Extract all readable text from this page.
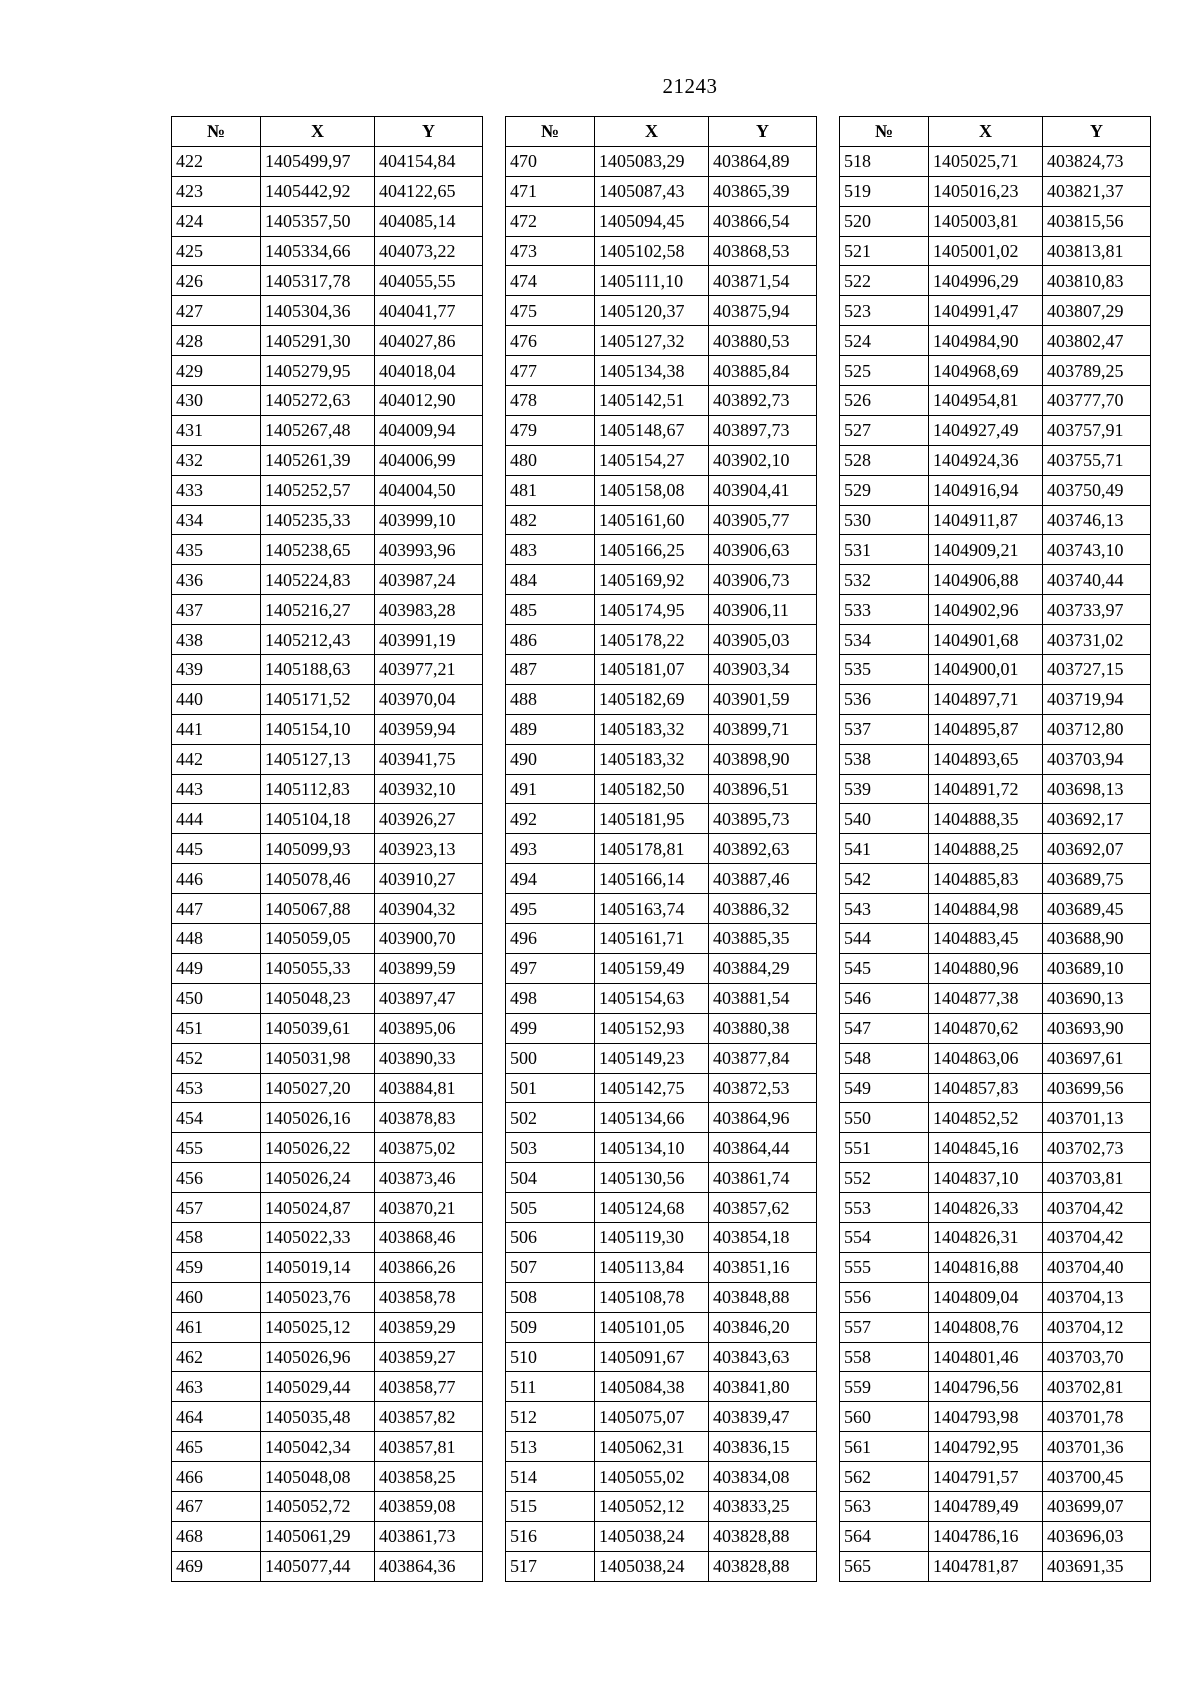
21243
№	X	Y
422	1405499,97	404154,84
423	1405442,92	404122,65
424	1405357,50	404085,14
425	1405334,66	404073,22
426	1405317,78	404055,55
427	1405304,36	404041,77
428	1405291,30	404027,86
429	1405279,95	404018,04
430	1405272,63	404012,90
431	1405267,48	404009,94
432	1405261,39	404006,99
433	1405252,57	404004,50
434	1405235,33	403999,10
435	1405238,65	403993,96
436	1405224,83	403987,24
437	1405216,27	403983,28
438	1405212,43	403991,19
439	1405188,63	403977,21
440	1405171,52	403970,04
441	1405154,10	403959,94
442	1405127,13	403941,75
443	1405112,83	403932,10
444	1405104,18	403926,27
445	1405099,93	403923,13
446	1405078,46	403910,27
447	1405067,88	403904,32
448	1405059,05	403900,70
449	1405055,33	403899,59
450	1405048,23	403897,47
451	1405039,61	403895,06
452	1405031,98	403890,33
453	1405027,20	403884,81
454	1405026,16	403878,83
455	1405026,22	403875,02
456	1405026,24	403873,46
457	1405024,87	403870,21
458	1405022,33	403868,46
459	1405019,14	403866,26
460	1405023,76	403858,78
461	1405025,12	403859,29
462	1405026,96	403859,27
463	1405029,44	403858,77
464	1405035,48	403857,82
465	1405042,34	403857,81
466	1405048,08	403858,25
467	1405052,72	403859,08
468	1405061,29	403861,73
469	1405077,44	403864,36
№	X	Y
470	1405083,29	403864,89
471	1405087,43	403865,39
472	1405094,45	403866,54
473	1405102,58	403868,53
474	1405111,10	403871,54
475	1405120,37	403875,94
476	1405127,32	403880,53
477	1405134,38	403885,84
478	1405142,51	403892,73
479	1405148,67	403897,73
480	1405154,27	403902,10
481	1405158,08	403904,41
482	1405161,60	403905,77
483	1405166,25	403906,63
484	1405169,92	403906,73
485	1405174,95	403906,11
486	1405178,22	403905,03
487	1405181,07	403903,34
488	1405182,69	403901,59
489	1405183,32	403899,71
490	1405183,32	403898,90
491	1405182,50	403896,51
492	1405181,95	403895,73
493	1405178,81	403892,63
494	1405166,14	403887,46
495	1405163,74	403886,32
496	1405161,71	403885,35
497	1405159,49	403884,29
498	1405154,63	403881,54
499	1405152,93	403880,38
500	1405149,23	403877,84
501	1405142,75	403872,53
502	1405134,66	403864,96
503	1405134,10	403864,44
504	1405130,56	403861,74
505	1405124,68	403857,62
506	1405119,30	403854,18
507	1405113,84	403851,16
508	1405108,78	403848,88
509	1405101,05	403846,20
510	1405091,67	403843,63
511	1405084,38	403841,80
512	1405075,07	403839,47
513	1405062,31	403836,15
514	1405055,02	403834,08
515	1405052,12	403833,25
516	1405038,24	403828,88
517	1405038,24	403828,88
№	X	Y
518	1405025,71	403824,73
519	1405016,23	403821,37
520	1405003,81	403815,56
521	1405001,02	403813,81
522	1404996,29	403810,83
523	1404991,47	403807,29
524	1404984,90	403802,47
525	1404968,69	403789,25
526	1404954,81	403777,70
527	1404927,49	403757,91
528	1404924,36	403755,71
529	1404916,94	403750,49
530	1404911,87	403746,13
531	1404909,21	403743,10
532	1404906,88	403740,44
533	1404902,96	403733,97
534	1404901,68	403731,02
535	1404900,01	403727,15
536	1404897,71	403719,94
537	1404895,87	403712,80
538	1404893,65	403703,94
539	1404891,72	403698,13
540	1404888,35	403692,17
541	1404888,25	403692,07
542	1404885,83	403689,75
543	1404884,98	403689,45
544	1404883,45	403688,90
545	1404880,96	403689,10
546	1404877,38	403690,13
547	1404870,62	403693,90
548	1404863,06	403697,61
549	1404857,83	403699,56
550	1404852,52	403701,13
551	1404845,16	403702,73
552	1404837,10	403703,81
553	1404826,33	403704,42
554	1404826,31	403704,42
555	1404816,88	403704,40
556	1404809,04	403704,13
557	1404808,76	403704,12
558	1404801,46	403703,70
559	1404796,56	403702,81
560	1404793,98	403701,78
561	1404792,95	403701,36
562	1404791,57	403700,45
563	1404789,49	403699,07
564	1404786,16	403696,03
565	1404781,87	403691,35
